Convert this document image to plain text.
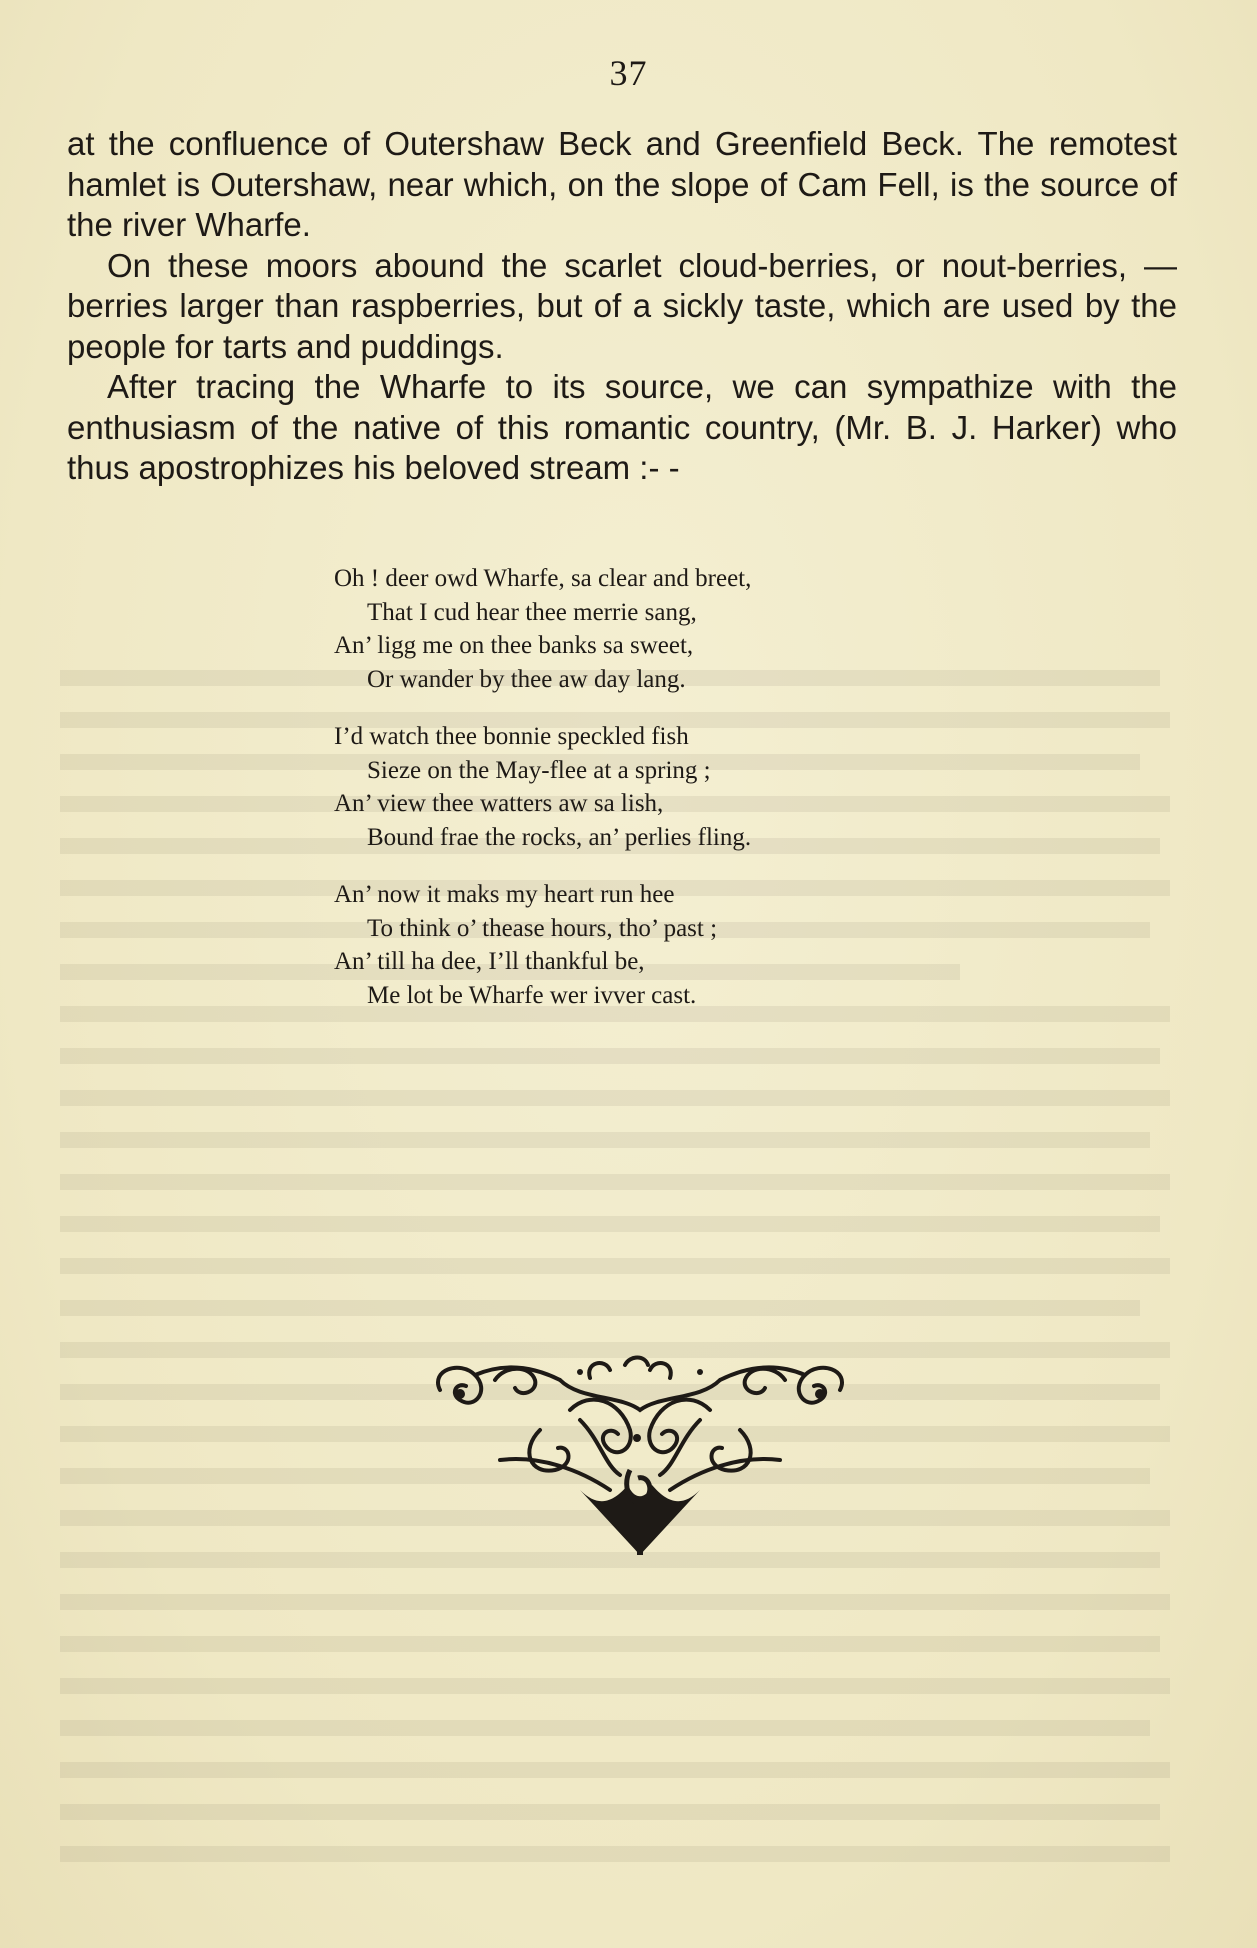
37

at the confluence of Outershaw Beck and Greenfield Beck. The remotest hamlet is Outershaw, near which, on the slope of Cam Fell, is the source of the river Wharfe.

On these moors abound the scarlet cloud-berries, or nout-berries, —berries larger than raspberries, but of a sickly taste, which are used by the people for tarts and puddings.

After tracing the Wharfe to its source, we can sympathize with the enthusiasm of the native of this romantic country, (Mr. B. J. Harker) who thus apostrophizes his beloved stream :- -

Oh ! deer owd Wharfe, sa clear and breet,
That I cud hear thee merrie sang,
An’ ligg me on thee banks sa sweet,
Or wander by thee aw day lang.
I’d watch thee bonnie speckled fish
Sieze on the May-flee at a spring ;
An’ view thee watters aw sa lish,
Bound frae the rocks, an’ perlies fling.
An’ now it maks my heart run hee
To think o’ thease hours, tho’ past ;
An’ till ha dee, I’ll thankful be,
Me lot be Wharfe wer ivver cast.
